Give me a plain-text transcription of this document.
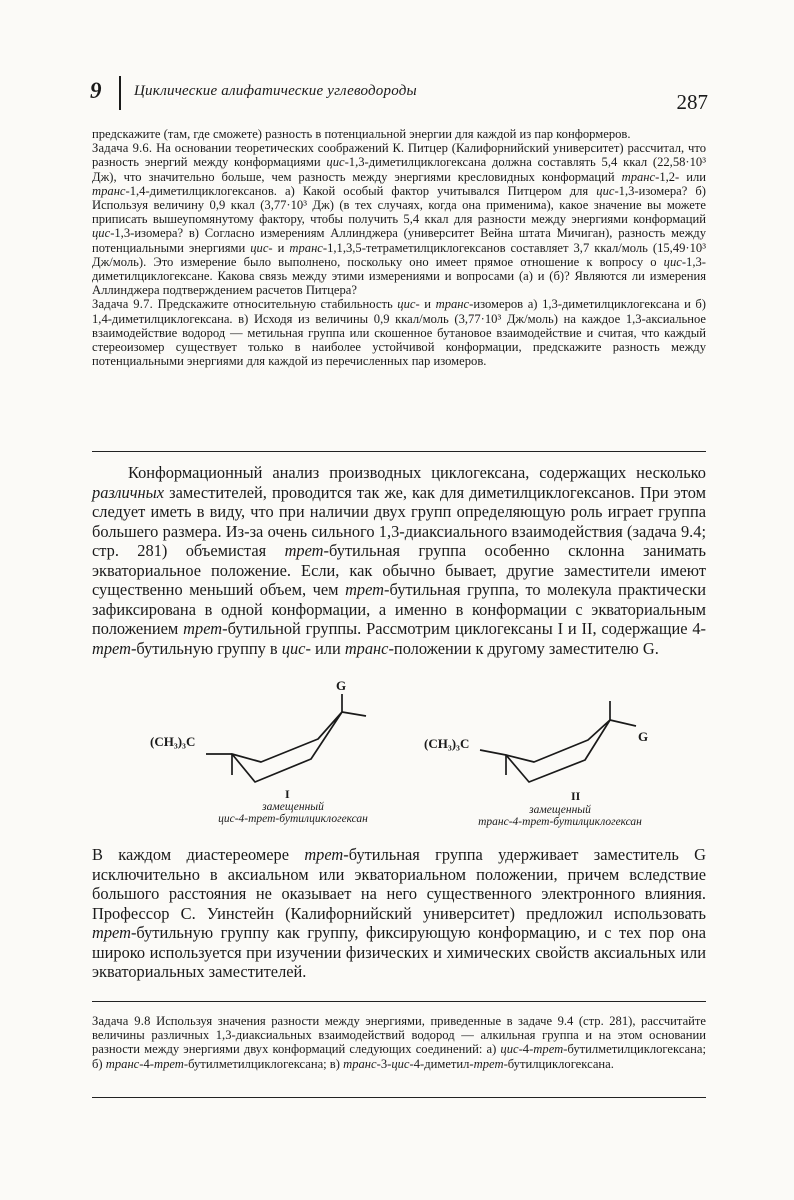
9 Циклические алифатические углеводороды	287

предскажите (там, где сможете) разность в потенциальной энергии для каждой из пар конформеров.

Задача 9.6. На основании теоретических соображений К. Питцер (Калифорнийский университет) рассчитал, что разность энергий между конформациями цис-1,3-диметилциклогексана должна составлять 5,4 ккал (22,58·10³ Дж), что значительно больше, чем разность между энергиями кресловидных конформаций транс-1,2- или транс-1,4-диметилциклогексанов. а) Какой особый фактор учитывался Питцером для цис-1,3-изомера? б) Используя величину 0,9 ккал (3,77·10³ Дж) (в тех случаях, когда она применима), какое значение вы можете приписать вышеупомянутому фактору, чтобы получить 5,4 ккал для разности между энергиями конформаций цис-1,3-изомера? в) Согласно измерениям Аллинджера (университет Вейна штата Мичиган), разность между потенциальными энергиями цис- и транс-1,1,3,5-тетраметилциклогексанов составляет 3,7 ккал/моль (15,49·10³ Дж/моль). Это измерение было выполнено, поскольку оно имеет прямое отношение к вопросу о цис-1,3-диметилциклогексане. Какова связь между этими измерениями и вопросами (а) и (б)? Являются ли измерения Аллинджера подтверждением расчетов Питцера?

Задача 9.7. Предскажите относительную стабильность цис- и транс-изомеров а) 1,3-диметилциклогексана и б) 1,4-диметилциклогексана. в) Исходя из величины 0,9 ккал/моль (3,77·10³ Дж/моль) на каждое 1,3-аксиальное взаимодействие водород — метильная группа или скошенное бутановое взаимодействие и считая, что каждый стереоизомер существует только в наиболее устойчивой конформации, предскажите разность между потенциальными энергиями для каждой из перечисленных пар изомеров.

Конформационный анализ производных циклогексана, содержащих несколько различных заместителей, проводится так же, как для диметилциклогексанов. При этом следует иметь в виду, что при наличии двух групп определяющую роль играет группа большего размера. Из-за очень сильного 1,3-диаксиального взаимодействия (задача 9.4; стр. 281) объемистая трет-бутильная группа особенно склонна занимать экваториальное положение. Если, как обычно бывает, другие заместители имеют существенно меньший объем, чем трет-бутильная группа, то молекула практически зафиксирована в одной конформации, а именно в конформации с экваториальным положением трет-бутильной группы. Рассмотрим циклогексаны I и II, содержащие 4-трет-бутильную группу в цис- или транс-положении к другому заместителю G.

(CH₃)₃C
G
(CH₃)₃C	G
I	II
замещенный
цис-4-трет-бутилциклогексан
замещенный
транс-4-трет-бутилциклогексан

В каждом диастереомере трет-бутильная группа удерживает заместитель G исключительно в аксиальном или экваториальном положении, причем вследствие большого расстояния не оказывает на него существенного электронного влияния. Профессор С. Уинстейн (Калифорнийский университет) предложил использовать трет-бутильную группу как группу, фиксирующую конформацию, и с тех пор она широко используется при изучении физических и химических свойств аксиальных или экваториальных заместителей.

Задача 9.8 Используя значения разности между энергиями, приведенные в задаче 9.4 (стр. 281), рассчитайте величины различных 1,3-диаксиальных взаимодействий водород — алкильная группа и на этом основании разности между энергиями двух конформаций следующих соединений: а) цис-4-трет-бутилметилциклогексана; б) транс-4-трет-бутилметилциклогексана; в) транс-3-цис-4-диметил-трет-бутилциклогексана.
